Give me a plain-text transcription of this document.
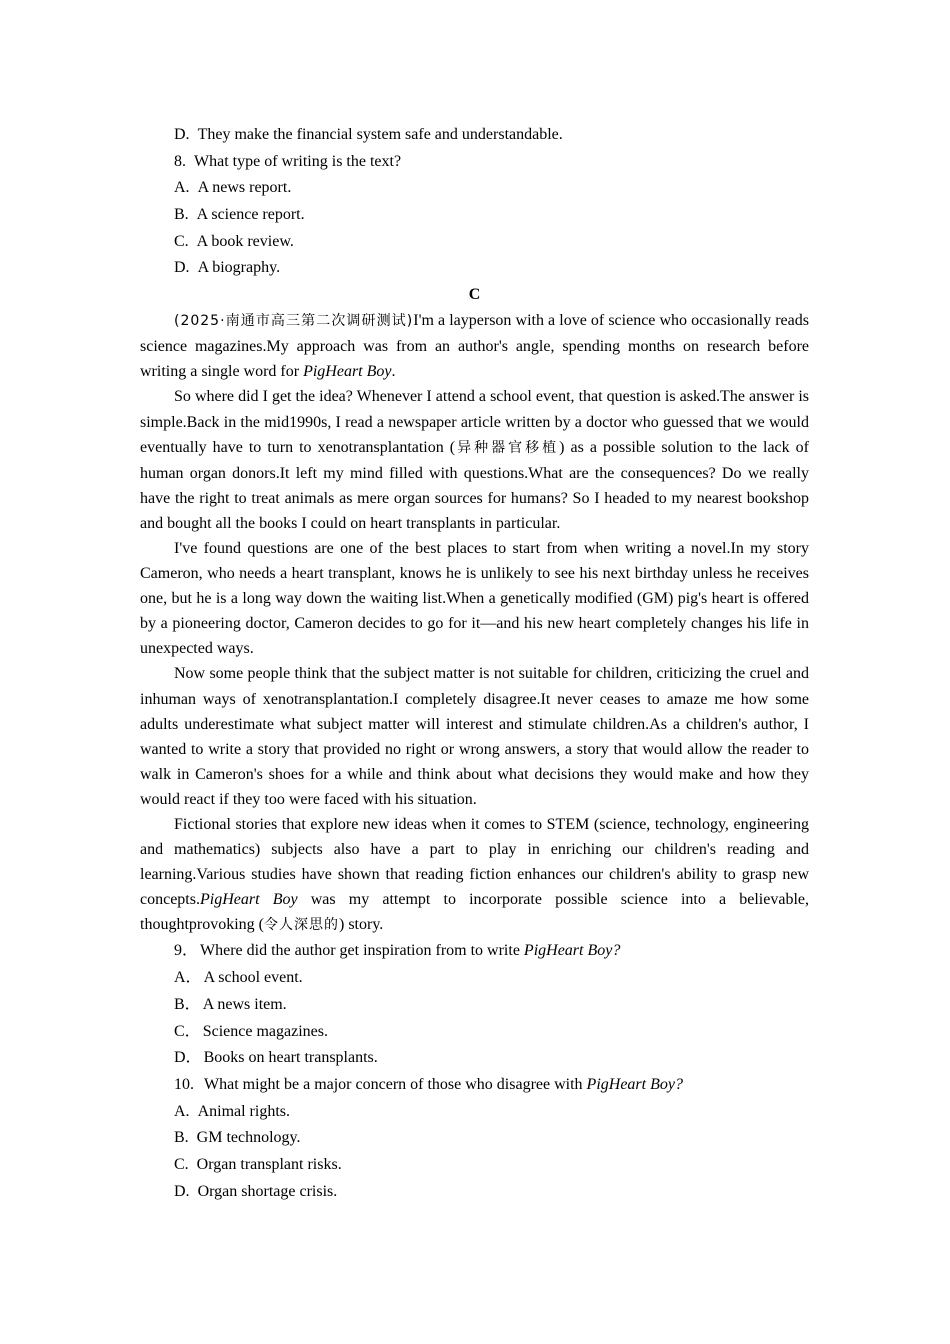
D. They make the financial system safe and understandable.

8. What type of writing is the text?

A. A news report.

B. A science report.

C. A book review.

D. A biography.

C

(2025·南通市高三第二次调研测试)I'm a layperson with a love of science who occasionally reads science magazines.My approach was from an author's angle, spending months on research before writing a single word for PigHeart Boy.

So where did I get the idea? Whenever I attend a school event, that question is asked.The answer is simple.Back in the mid1990s, I read a newspaper article written by a doctor who guessed that we would eventually have to turn to xenotransplantation (异种器官移植) as a possible solution to the lack of human organ donors.It left my mind filled with questions.What are the consequences? Do we really have the right to treat animals as mere organ sources for humans? So I headed to my nearest bookshop and bought all the books I could on heart transplants in particular.

I've found questions are one of the best places to start from when writing a novel.In my story Cameron, who needs a heart transplant, knows he is unlikely to see his next birthday unless he receives one, but he is a long way down the waiting list.When a genetically modified (GM) pig's heart is offered by a pioneering doctor, Cameron decides to go for it—and his new heart completely changes his life in unexpected ways.

Now some people think that the subject matter is not suitable for children, criticizing the cruel and inhuman ways of xenotransplantation.I completely disagree.It never ceases to amaze me how some adults underestimate what subject matter will interest and stimulate children.As a children's author, I wanted to write a story that provided no right or wrong answers, a story that would allow the reader to walk in Cameron's shoes for a while and think about what decisions they would make and how they would react if they too were faced with his situation.

Fictional stories that explore new ideas when it comes to STEM (science, technology, engineering and mathematics) subjects also have a part to play in enriching our children's reading and learning.Various studies have shown that reading fiction enhances our children's ability to grasp new concepts.PigHeart Boy was my attempt to incorporate possible science into a believable, thoughtprovoking (令人深思的) story.

9． Where did the author get inspiration from to write PigHeart Boy?

A． A school event.

B． A news item.

C． Science magazines.

D． Books on heart transplants.

10. What might be a major concern of those who disagree with PigHeart Boy?

A. Animal rights.

B. GM technology.

C. Organ transplant risks.

D. Organ shortage crisis.
